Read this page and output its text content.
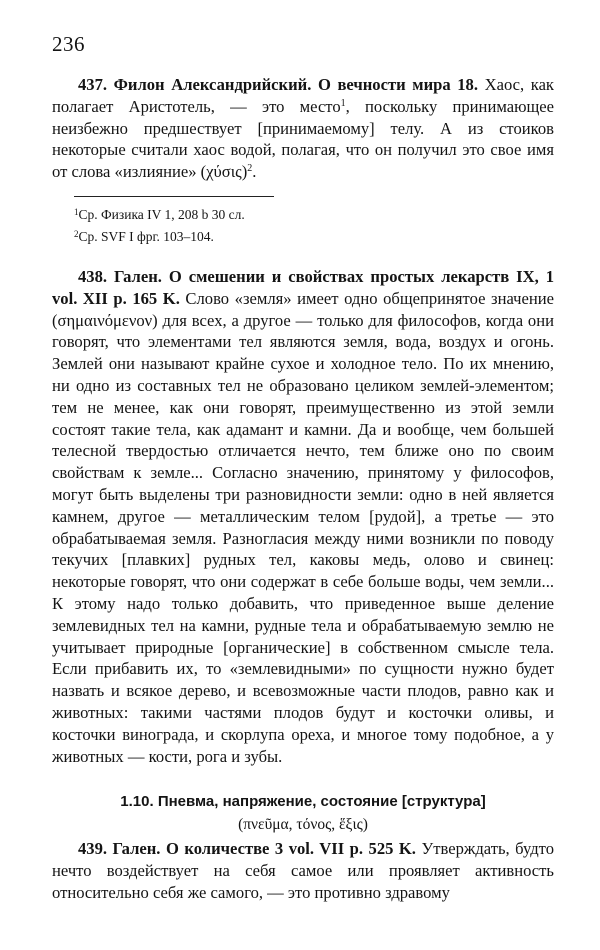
236

437. Филон Александрийский. О вечности мира 18. Хаос, как полагает Аристотель, — это место$^1$, поскольку принимающее неизбежно предшествует [принимаемому] телу. А из стоиков некоторые считали хаос водой, полагая, что он получил это свое имя от слова «излияние» $(\chi ύ\sigma\iota\varsigma)^2$.

$^1$Ср. Физика IV 1, 208 b 30 сл.
$^2$Ср. SVF I фрг. 103–104.

438. Гален. О смешении и свойствах простых лекарств IX, 1 vol. XII p. 165 K. Слово «земля» имеет одно общепринятое значение (σημαινόμενον) для всех, а другое — только для философов, когда они говорят, что элементами тел являются земля, вода, воздух и огонь. Землей они называют крайне сухое и холодное тело. По их мнению, ни одно из составных тел не образовано целиком землей-элементом; тем не менее, как они говорят, преимущественно из этой земли состоят такие тела, как адамант и камни. Да и вообще, чем большей телесной твердостью отличается нечто, тем ближе оно по своим свойствам к земле... Согласно значению, принятому у философов, могут быть выделены три разновидности земли: одно в ней является камнем, другое — металлическим телом [рудой], а третье — это обрабатываемая земля. Разногласия между ними возникли по поводу текучих [плавких] рудных тел, каковы медь, олово и свинец: некоторые говорят, что они содержат в себе больше воды, чем земли... К этому надо только добавить, что приведенное выше деление землевидных тел на камни, рудные тела и обрабатываемую землю не учитывает природные [органические] в собственном смысле тела. Если прибавить их, то «землевидными» по сущности нужно будет назвать и всякое дерево, и всевозможные части плодов, равно как и животных: такими частями плодов будут и косточки оливы, и косточки винограда, и скорлупа ореха, и многое тому подобное, а у животных — кости, рога и зубы.

1.10. Пневма, напряжение, состояние [структура]
(πνεῦμα, τόνος, ἕξις)

439. Гален. О количестве 3 vol. VII p. 525 K. Утверждать, будто нечто воздействует на себя самое или проявляет активность относительно себя же самого, — это противно здравому
